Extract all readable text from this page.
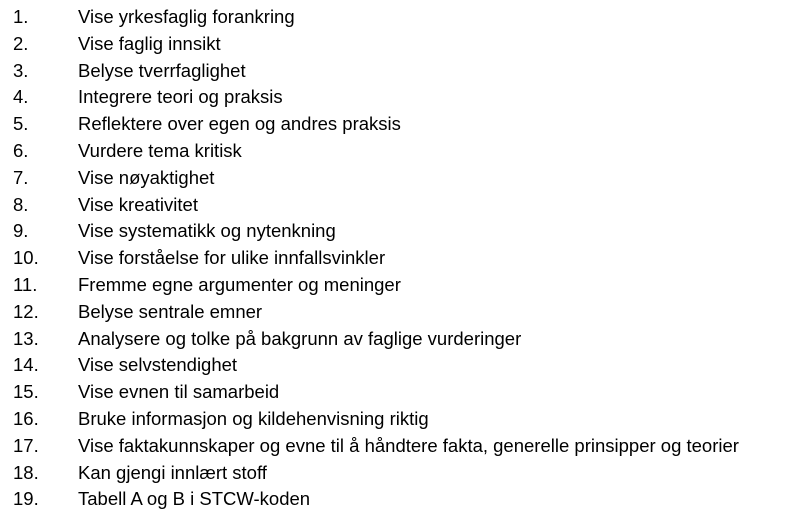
1.	Vise yrkesfaglig forankring
2.	Vise faglig innsikt
3.	Belyse tverrfaglighet
4.	Integrere teori og praksis
5.	Reflektere over egen og andres praksis
6.	Vurdere tema kritisk
7.	Vise nøyaktighet
8.	Vise kreativitet
9.	Vise systematikk og nytenkning
10. Vise forståelse for ulike innfallsvinkler
11. Fremme egne argumenter og meninger
12. Belyse sentrale emner
13. Analysere og tolke på bakgrunn av faglige vurderinger
14. Vise selvstendighet
15. Vise evnen til samarbeid
16. Bruke informasjon og kildehenvisning riktig
17. Vise faktakunnskaper og evne til å håndtere fakta, generelle prinsipper og teorier
18. Kan gjengi innlært stoff
19. Tabell A og B i STCW-koden
